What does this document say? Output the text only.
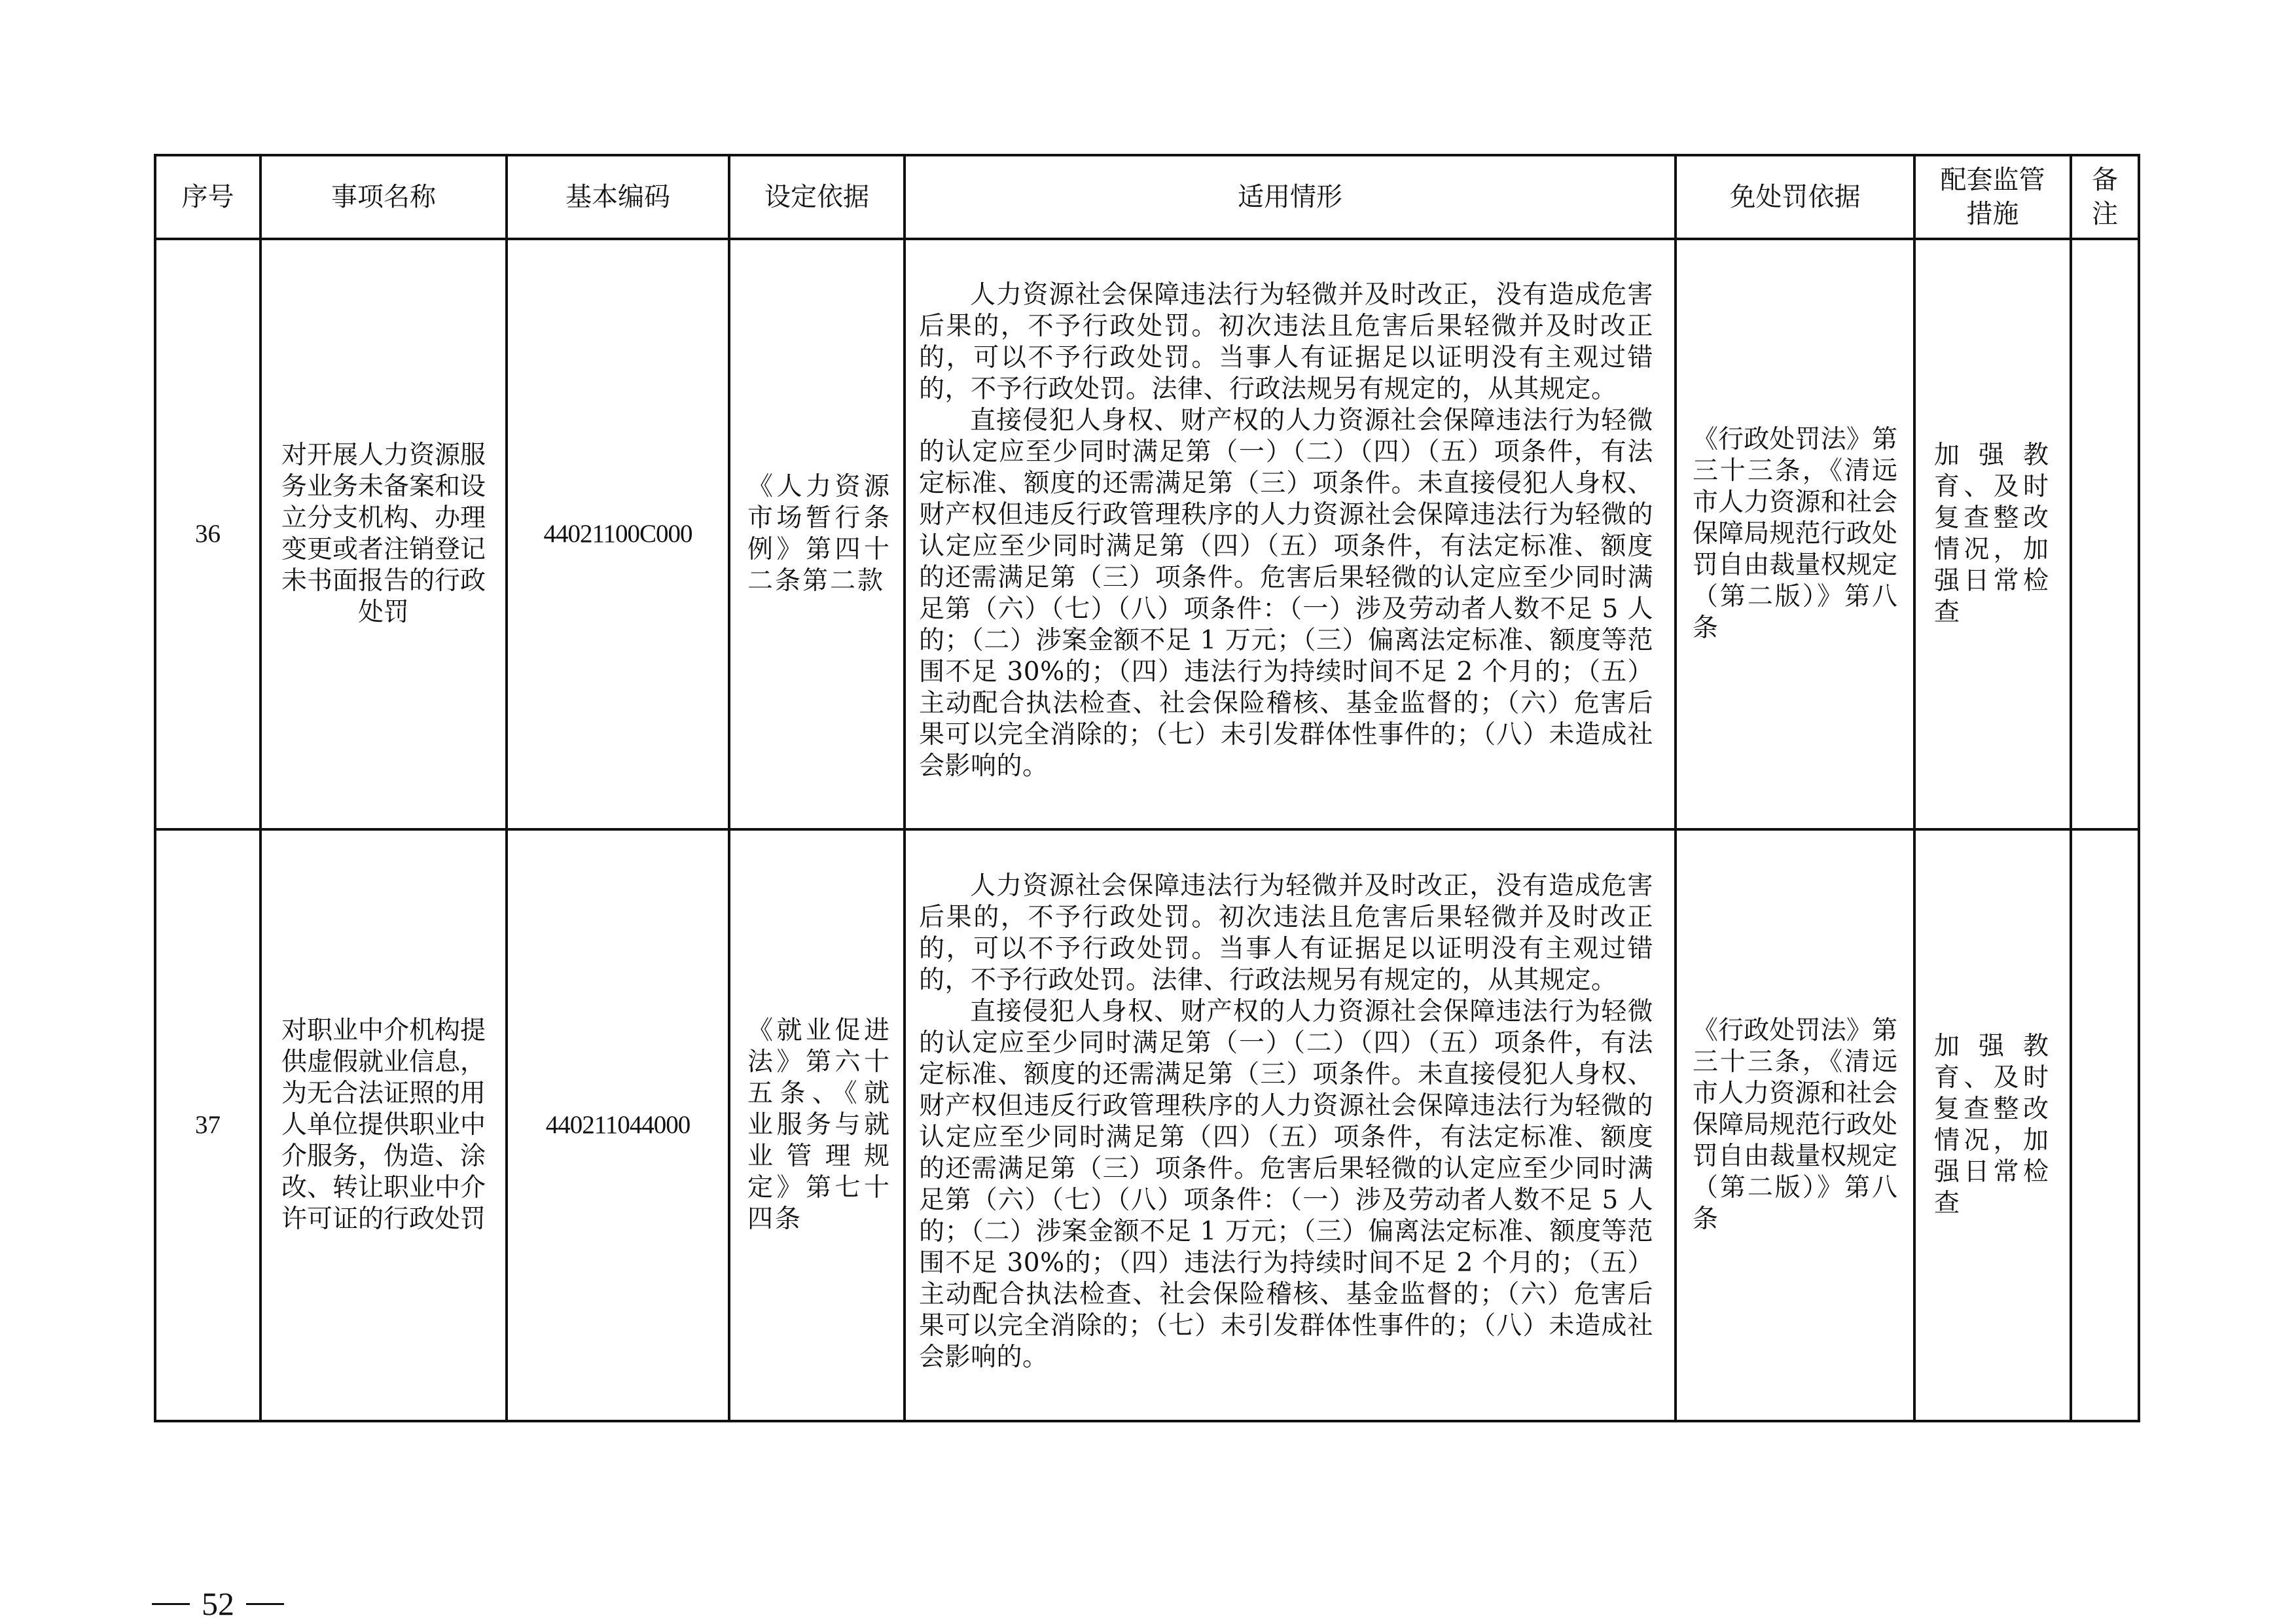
序号	事项名称	基本编码	设定依据	适用情形	免处罚依据	配套监管措施	备注
36	对开展人力资源服务业务未备案和设立分支机构、办理变更或者注销登记未书面报告的行政处罚	44021100C000	《人力资源市场暂行条例》第四十二条第二款	人力资源社会保障违法行为轻微并及时改正，没有造成危害后果的，不予行政处罚。初次违法且危害后果轻微并及时改正的，可以不予行政处罚。当事人有证据足以证明没有主观过错的，不予行政处罚。法律、行政法规另有规定的，从其规定。

直接侵犯人身权、财产权的人力资源社会保障违法行为轻微的认定应至少同时满足第（一）（二）（四）（五）项条件，有法定标准、额度的还需满足第（三）项条件。未直接侵犯人身权、财产权但违反行政管理秩序的人力资源社会保障违法行为轻微的认定应至少同时满足第（四）（五）项条件，有法定标准、额度的还需满足第（三）项条件。危害后果轻微的认定应至少同时满足第（六）（七）（八）项条件：（一）涉及劳动者人数不足 5 人的；（二）涉案金额不足 1 万元；（三）偏离法定标准、额度等范围不足 30%的；（四）违法行为持续时间不足 2 个月的；（五）主动配合执法检查、社会保险稽核、基金监督的；（六）危害后果可以完全消除的；（七）未引发群体性事件的；（八）未造成社会影响的。	《行政处罚法》第三十三条，《清远市人力资源和社会保障局规范行政处罚自由裁量权规定（第二版）》第八条	加强教育、及时复查整改情况，加强日常检查	
37	对职业中介机构提供虚假就业信息，为无合法证照的用人单位提供职业中介服务，伪造、涂改、转让职业中介许可证的行政处罚	440211044000	《就业促进法》第六十五条、《就业服务与就业管理规定》第七十四条	人力资源社会保障违法行为轻微并及时改正，没有造成危害后果的，不予行政处罚。初次违法且危害后果轻微并及时改正的，可以不予行政处罚。当事人有证据足以证明没有主观过错的，不予行政处罚。法律、行政法规另有规定的，从其规定。

直接侵犯人身权、财产权的人力资源社会保障违法行为轻微的认定应至少同时满足第（一）（二）（四）（五）项条件，有法定标准、额度的还需满足第（三）项条件。未直接侵犯人身权、财产权但违反行政管理秩序的人力资源社会保障违法行为轻微的认定应至少同时满足第（四）（五）项条件，有法定标准、额度的还需满足第（三）项条件。危害后果轻微的认定应至少同时满足第（六）（七）（八）项条件：（一）涉及劳动者人数不足 5 人的；（二）涉案金额不足 1 万元；（三）偏离法定标准、额度等范围不足 30%的；（四）违法行为持续时间不足 2 个月的；（五）主动配合执法检查、社会保险稽核、基金监督的；（六）危害后果可以完全消除的；（七）未引发群体性事件的；（八）未造成社会影响的。	《行政处罚法》第三十三条，《清远市人力资源和社会保障局规范行政处罚自由裁量权规定（第二版）》第八条	加强教育、及时复查整改情况，加强日常检查	
52
